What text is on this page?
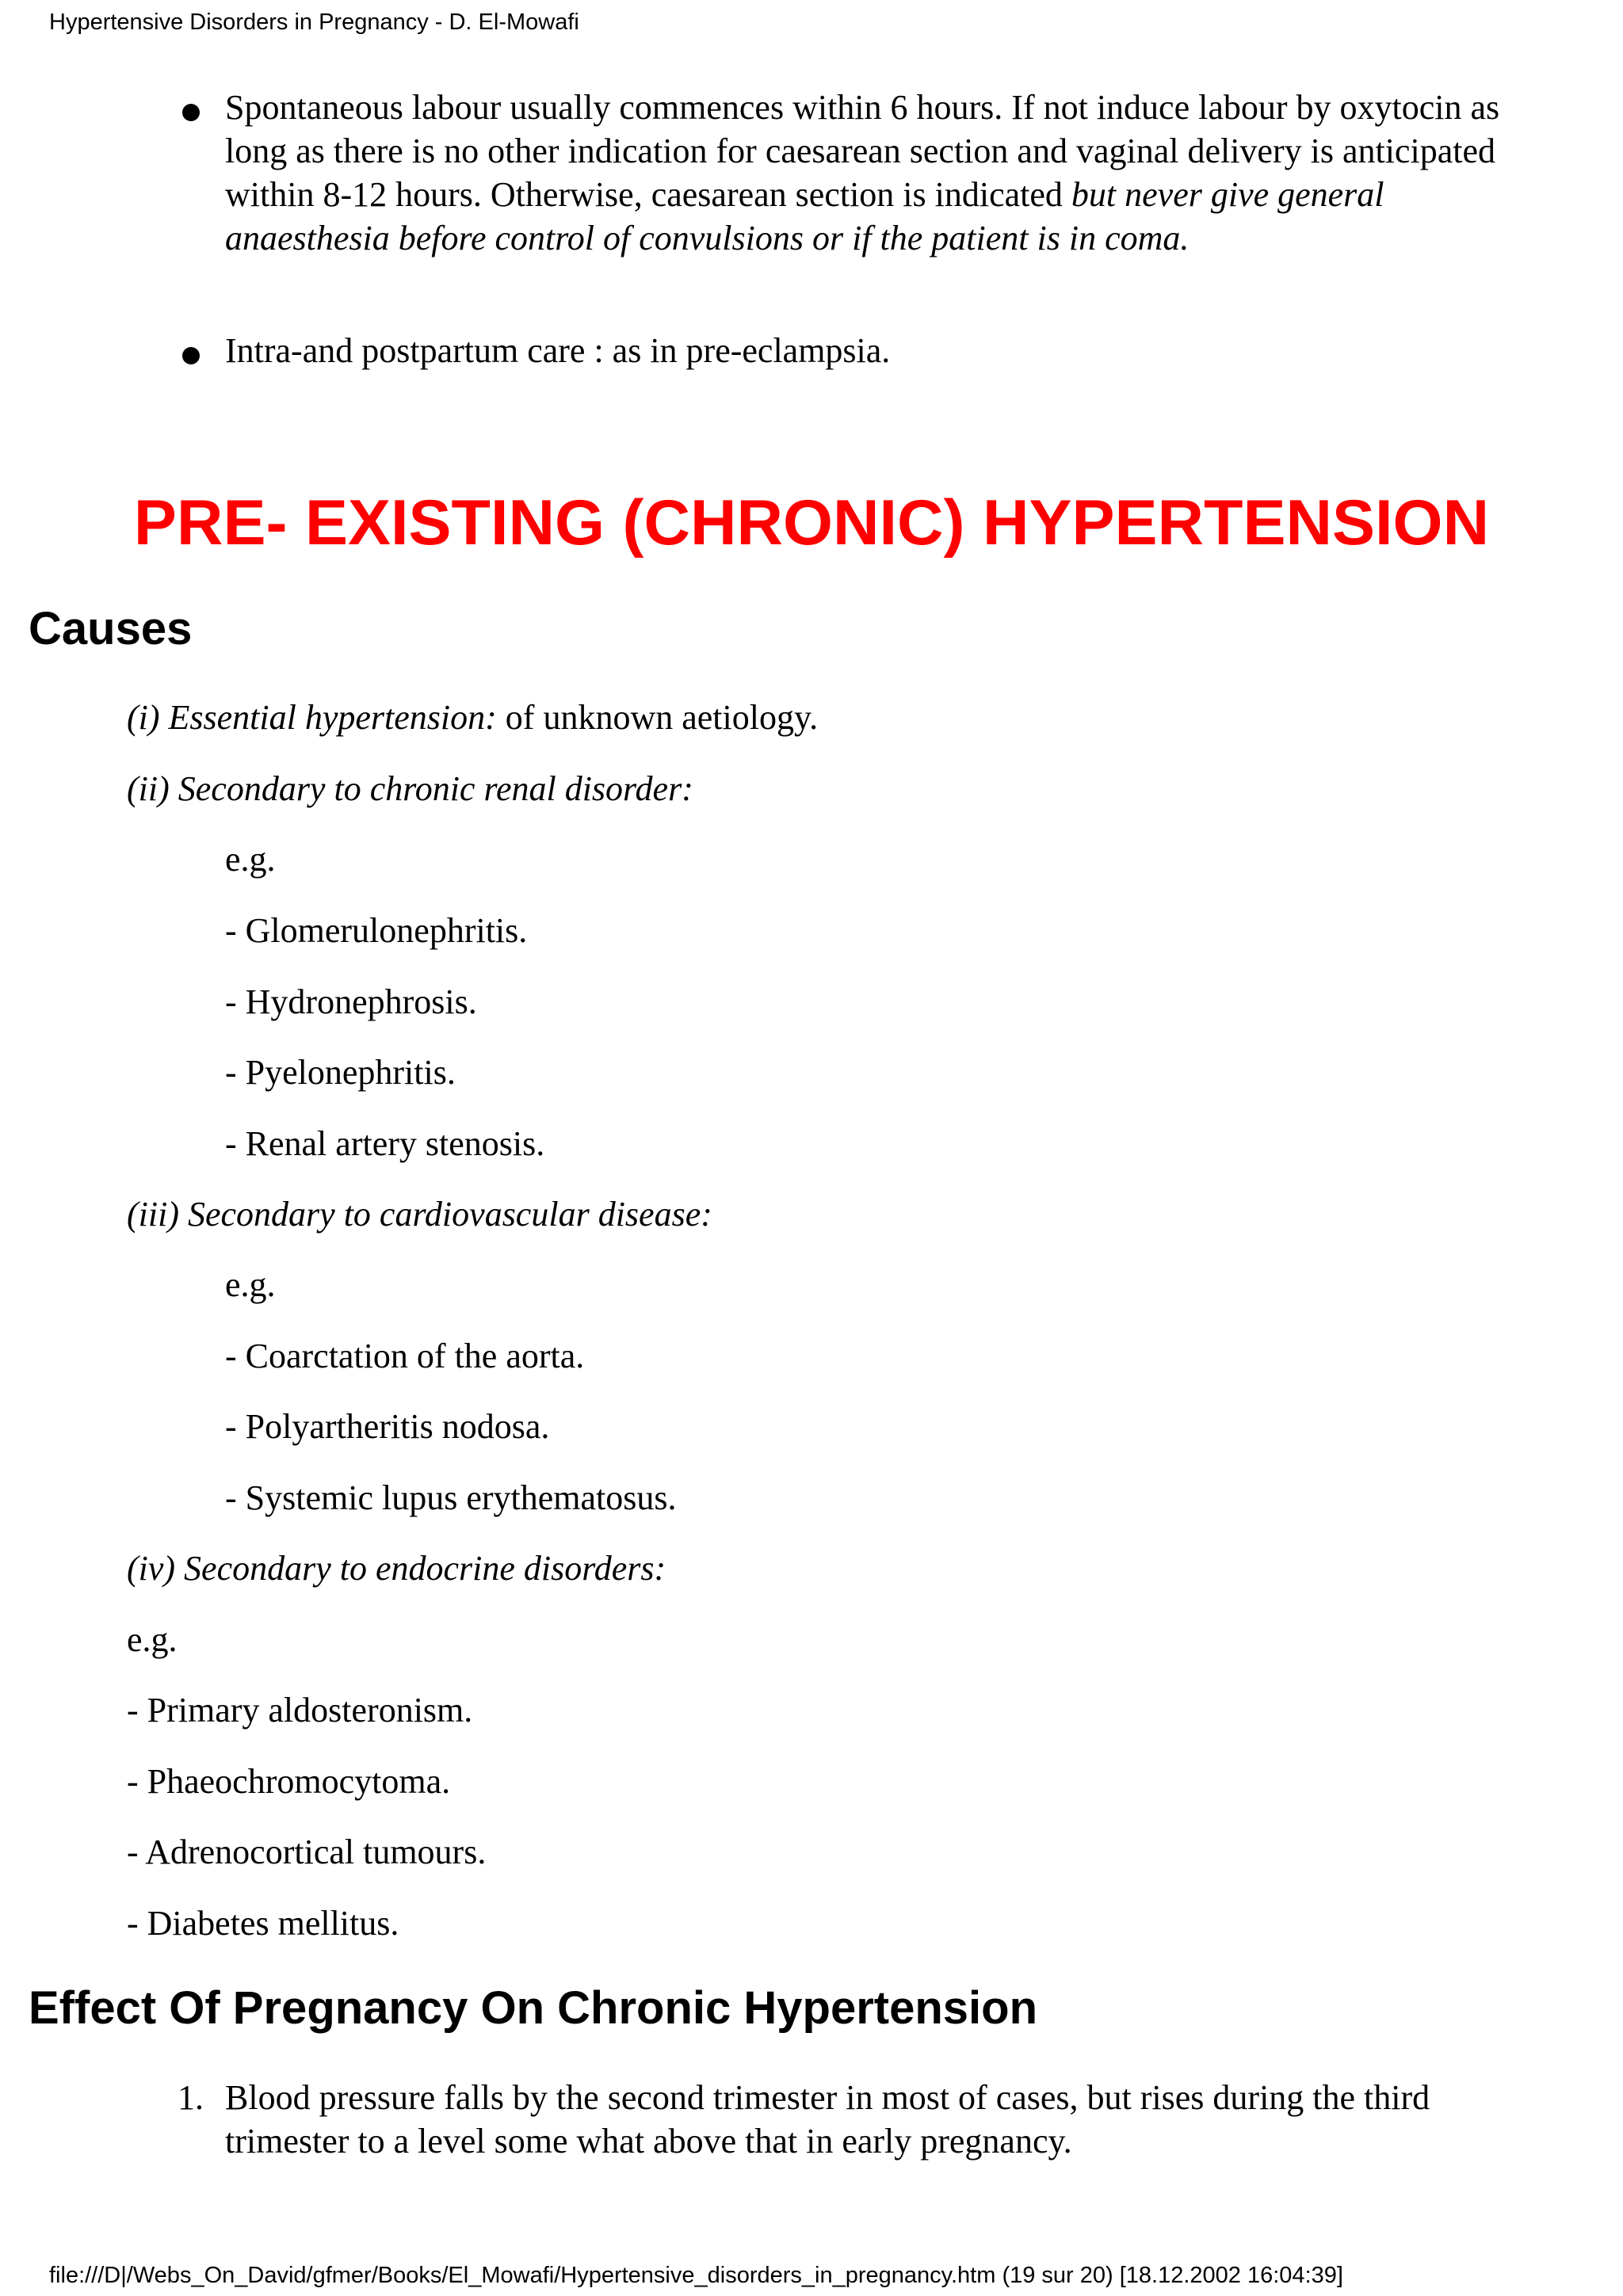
Hypertensive Disorders in Pregnancy - D. El-Mowafi
Spontaneous labour usually commences within 6 hours. If not induce labour by oxytocin as long as there is no other indication for caesarean section and vaginal delivery is anticipated within 8-12 hours. Otherwise, caesarean section is indicated but never give general anaesthesia before control of convulsions or if the patient is in coma.
Intra-and postpartum care : as in pre-eclampsia.
PRE- EXISTING (CHRONIC) HYPERTENSION
Causes
(i) Essential hypertension: of unknown aetiology.
(ii) Secondary to chronic renal disorder:
e.g.
- Glomerulonephritis.
- Hydronephrosis.
- Pyelonephritis.
- Renal artery stenosis.
(iii) Secondary to cardiovascular disease:
e.g.
- Coarctation of the aorta.
- Polyartheritis nodosa.
- Systemic lupus erythematosus.
(iv) Secondary to endocrine disorders:
e.g.
- Primary aldosteronism.
- Phaeochromocytoma.
- Adrenocortical tumours.
- Diabetes mellitus.
Effect Of Pregnancy On Chronic Hypertension
1. Blood pressure falls by the second trimester in most of cases, but rises during the third trimester to a level some what above that in early pregnancy.
file:///D|/Webs_On_David/gfmer/Books/El_Mowafi/Hypertensive_disorders_in_pregnancy.htm (19 sur 20) [18.12.2002 16:04:39]
